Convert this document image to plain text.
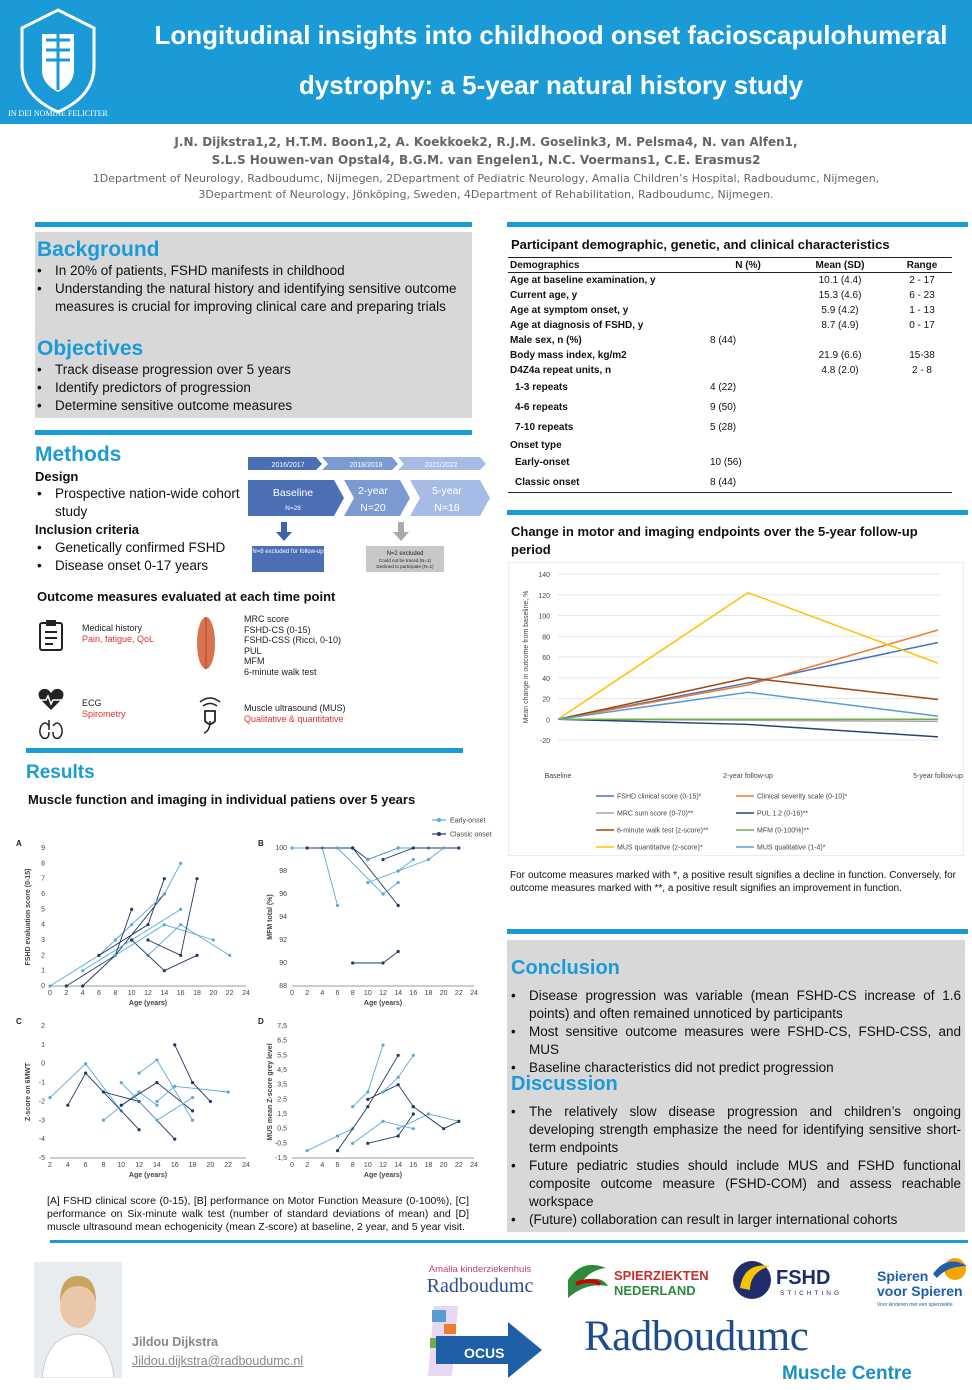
IN DEI NOMINE FELICITER
Longitudinal insights into childhood onset facioscapulohumeral
dystrophy: a 5-year natural history study
J.N. Dijkstra1,2, H.T.M. Boon1,2, A. Koekkoek2, R.J.M. Goselink3, M. Pelsma4, N. van Alfen1,
S.L.S Houwen-van Opstal4, B.G.M. van Engelen1, N.C. Voermans1, C.E. Erasmus2
1Department of Neurology, Radboudumc, Nijmegen, 2Department of Pediatric Neurology, Amalia Children’s Hospital, Radboudumc, Nijmegen,
3Department of Neurology, Jönköping, Sweden, 4Department of Rehabilitation, Radboudumc, Nijmegen.
Background
• In 20% of patients, FSHD manifests in childhood
• Understanding the natural history and identifying sensitive outcome measures is crucial for improving clinical care and preparing trials
Objectives
• Track disease progression over 5 years
• Identify predictors of progression
• Determine sensitive outcome measures
Methods
Design
• Prospective nation-wide cohort study
Inclusion criteria
• Genetically confirmed FSHD
• Disease onset 0-17 years
2016/2017	2018/2019	2021/2022
Baseline
N=28
2-year
N=20
5-year
N=18
N=8 excluded for follow-up	N=2 excluded
Could not be traced (N=1)
Declined to participate (N=1)
Outcome measures evaluated at each time point
Medical history
Pain, fatigue, QoL
MRC score
FSHD-CS (0-15)
FSHD-CSS (Ricci, 0-10)
PUL
MFM
6-minute walk test
ECG
Spirometry
Muscle ultrasound (MUS)
Qualitative & quantitative
Results
Muscle function and imaging in individual patiens over 5 years
Early-onset
Classic onset
A
0
1
2
3
4
5
6
7
8
9
0 2 4 6 8 10 12 14 16 18 20 22 24
Age (years)
FSHD evaluation score (0-15)
B
88
90
92
94
96
98
100
0 2 4 6 8 10 12 14 16 18 20 22 24
Age (years)
MFM total (%)
C
-5
-4
-3
-2
-1
0
1
2
2 4 6 8 10 12 14 16 18 20 22 24
Age (years)
Z-score on 6MWT
D
-1,5
-0,5
0,5
1,5
2,5
3,5
4,5
5,5
6,5
7,5
0 2 4 6 8 10 12 14 16 18 20 22 24
Age (years)
MUS mean Z-score grey level
[A] FSHD clinical score (0-15), [B] performance on Motor Function Measure (0-100%), [C] performance on Six-minute walk test (number of standard deviations of mean) and [D] muscle ultrasound mean echogenicity (mean Z-score) at baseline, 2 year, and 5 year visit.
Participant demographic, genetic, and clinical characteristics
Demographics	N (%)	Mean (SD)	Range
Age at baseline examination, y		10.1 (4.4)	2 - 17
Current age, y		15.3 (4.6)	6 - 23
Age at symptom onset, y		5.9 (4.2)	1 - 13
Age at diagnosis of FSHD, y		8.7 (4.9)	0 - 17
Male sex, n (%)	8 (44)		
Body mass index, kg/m2		21.9 (6.6)	15-38
D4Z4a repeat units, n		4.8 (2.0)	2 - 8
1-3 repeats	4 (22)		
4-6 repeats	9 (50)		
7-10 repeats	5 (28)		
Onset type			
Early-onset	10 (56)		
Classic onset	8 (44)		
Change in motor and imaging endpoints over the 5-year follow-up period
-20
0
20
40
60
80
100
120
140
Baseline	2-year follow-up	5-year follow-up
Mean change in outcome from baseline, %
FSHD clinical score (0-15)*	Clinical severity scale (0-10)*
MRC sum score (0-70)**	PUL 1.2 (0-16)**
6-minute walk test (z-score)**	MFM (0-100%)**
MUS quantitative (z-score)*	MUS qualitative (1-4)*
For outcome measures marked with *, a positive result signifies a decline in function. Conversely, for outcome measures marked with **, a positive result signifies an improvement in function.
Conclusion
• Disease progression was variable (mean FSHD-CS increase of 1.6 points) and often remained unnoticed by participants
• Most sensitive outcome measures were FSHD-CS, FSHD-CSS, and MUS
• Baseline characteristics did not predict progression
Discussion
• The relatively slow disease progression and children’s ongoing developing strength emphasize the need for identifying sensitive short-term endpoints
• Future pediatric studies should include MUS and FSHD functional composite outcome measure (FSHD-COM) and assess reachable workspace
• (Future) collaboration can result in larger international cohorts
Jildou Dijkstra
Jildou.dijkstra@radboudumc.nl
Amalia kinderziekenhuis
Radboudumc
FSHD
OCUS
SPIERZIEKTEN
NEDERLAND
FSHD
STICHTING
Spieren
voor Spieren
Voor kinderen met een spierziekte
Radboudumc
Muscle Centre
